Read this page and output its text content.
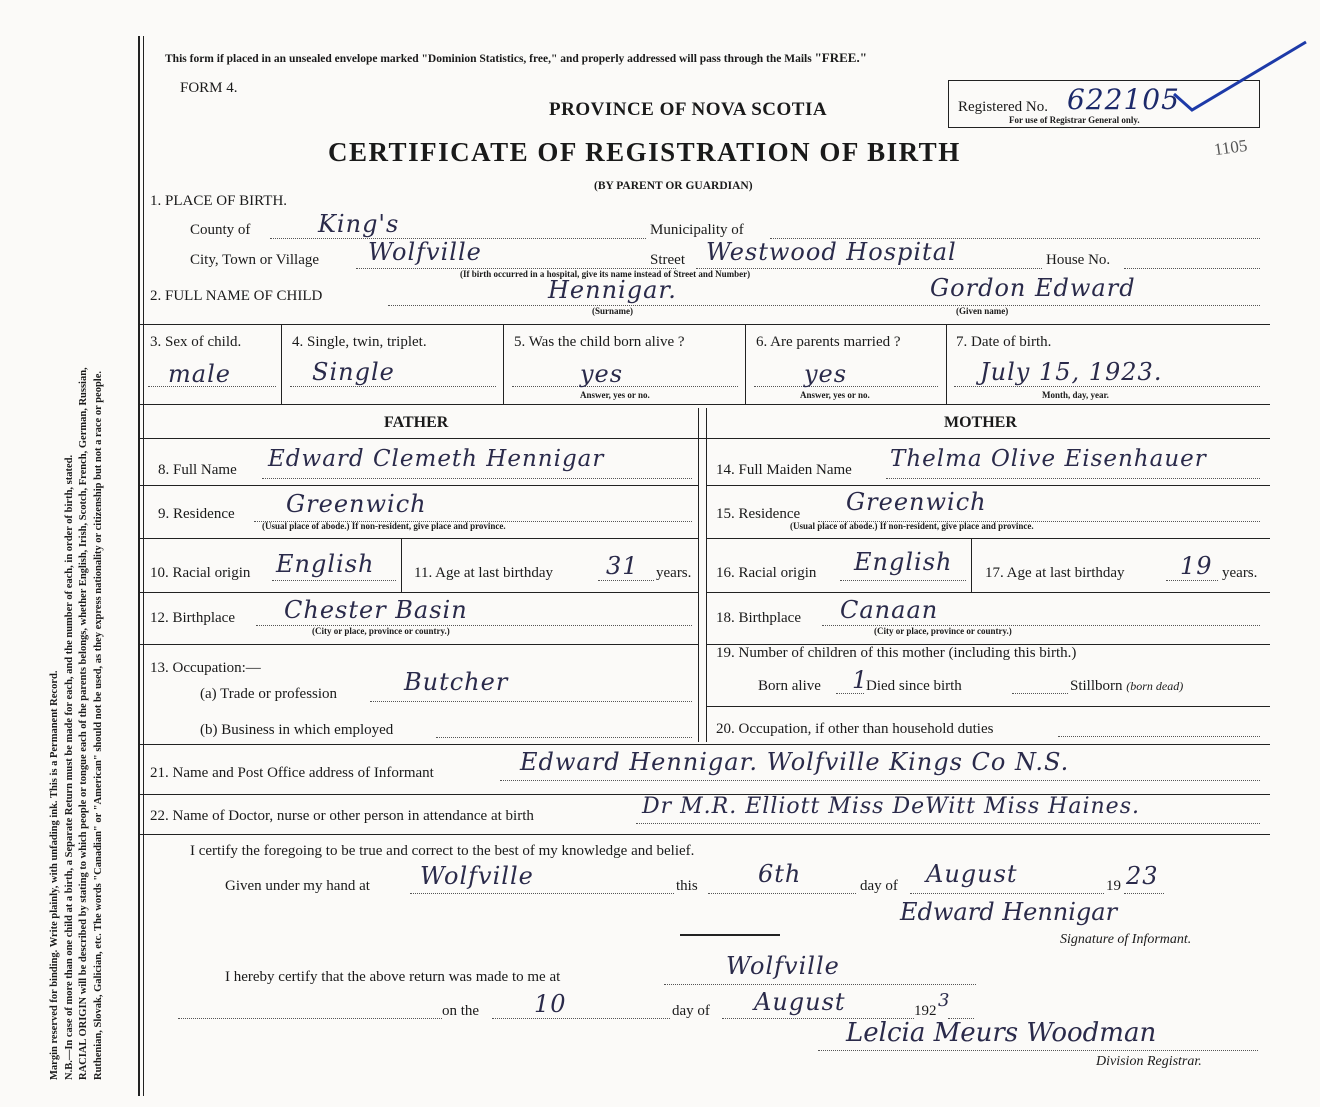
Margin reserved for binding. Write plainly, with unfading ink. This is a Permanent Record. N.B.—In case of more than one child at a birth, a Separate Return must be made for each, and the number of each, in order of birth, stated. RACIAL ORIGIN will be described by stating to which people or tongue each of the parents belongs, whether English, Irish, Scotch, French, German, Russian, Ruthenian, Slovak, Galician, etc. The words "Canadian" or "American" should not be used, as they express nationality or citizenship but not a race or people.
This form if placed in an unsealed envelope marked "Dominion Statistics, free," and properly addressed will pass through the Mails "FREE."
FORM 4.
PROVINCE OF NOVA SCOTIA	Registered No. 622105
For use of Registrar General only.
CERTIFICATE OF REGISTRATION OF BIRTH
(BY PARENT OR GUARDIAN)
1105
1. PLACE OF BIRTH.
County of	King's	Municipality of
City, Town or Village Wolfville	Street Westwood Hospital	House No.
(If birth occurred in a hospital, give its name instead of Street and Number)
2. FULL NAME OF CHILD	Hennigar.
(Surname)
Gordon Edward
(Given name)
3. Sex of child.
male
4. Single, twin, triplet.
Single
5. Was the child born alive ?
yes
Answer, yes or no.
6. Are parents married ?
yes
Answer, yes or no.
7. Date of birth.
July 15, 1923.
Month, day, year.
FATHER	MOTHER
8. Full Name Edward Clemeth Hennigar
9. Residence Greenwich
(Usual place of abode.) If non-resident, give place and province.
10. Racial origin English	11. Age at last birthday 31 years.
12. Birthplace Chester Basin
(City or place, province or country.)
13. Occupation:—
(a) Trade or profession	Butcher
(b) Business in which employed
14. Full Maiden Name Thelma Olive Eisenhauer
15. Residence Greenwich
(Usual place of abode.) If non-resident, give place and province.
16. Racial origin English 17. Age at last birthday 19 years.
18. Birthplace Canaan
(City or place, province or country.)
19. Number of children of this mother (including this birth.)
Born alive 1
Died since birth	Stillborn (born dead)
20. Occupation, if other than household duties
21. Name and Post Office address of Informant	Edward Hennigar. Wolfville Kings Co N.S.
22. Name of Doctor, nurse or other person in attendance at birth	Dr M.R. Elliott Miss DeWitt Miss Haines.
I certify the foregoing to be true and correct to the best of my knowledge and belief.
Given under my hand at Wolfville	this	6th	day of August	19 23
Edward Hennigar
Signature of Informant.
I hereby certify that the above return was made to me at	Wolfville
on the 10	day of August	192 3
Lelcia Meurs Woodman
Division Registrar.
